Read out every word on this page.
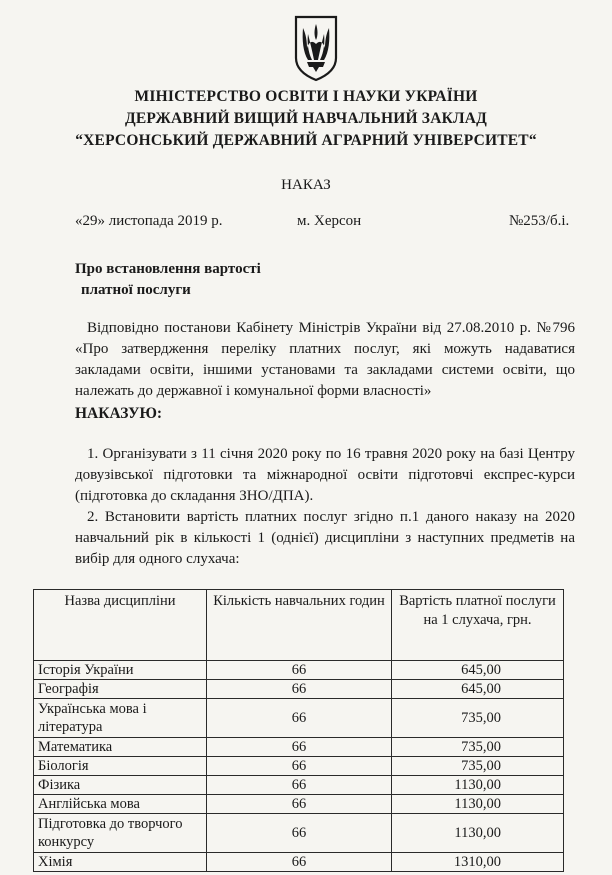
МІНІСТЕРСТВО ОСВІТИ І НАУКИ УКРАЇНИ
ДЕРЖАВНИЙ ВИЩИЙ НАВЧАЛЬНИЙ ЗАКЛАД
“ХЕРСОНСЬКИЙ ДЕРЖАВНИЙ АГРАРНИЙ УНІВЕРСИТЕТ“
НАКАЗ
«29» листопада 2019 р.	м. Херсон	№253/б.і.
Про встановлення вартості
платної послуги
Відповідно постанови Кабінету Міністрів України від 27.08.2010 р. №796 «Про затвердження переліку платних послуг, які можуть надаватися закладами освіти, іншими установами та закладами системи освіти, що належать до державної і комунальної форми власності»
НАКАЗУЮ:
1. Організувати з 11 січня 2020 року по 16 травня 2020 року на базі Центру довузівської підготовки та міжнародної освіти підготовчі експрес-курси (підготовка до складання ЗНО/ДПА).
2. Встановити вартість платних послуг згідно п.1 даного наказу на 2020 навчальний рік в кількості 1 (однієї) дисципліни з наступних предметів на вибір для одного слухача:
Назва дисципліни	Кількість навчальних годин	Вартість платної послуги на 1 слухача, грн.
Історія України	66	645,00
Географія	66	645,00
Українська мова і література	66	735,00
Математика	66	735,00
Біологія	66	735,00
Фізика	66	1130,00
Англійська мова	66	1130,00
Підготовка до творчого конкурсу	66	1130,00
Хімія	66	1310,00
